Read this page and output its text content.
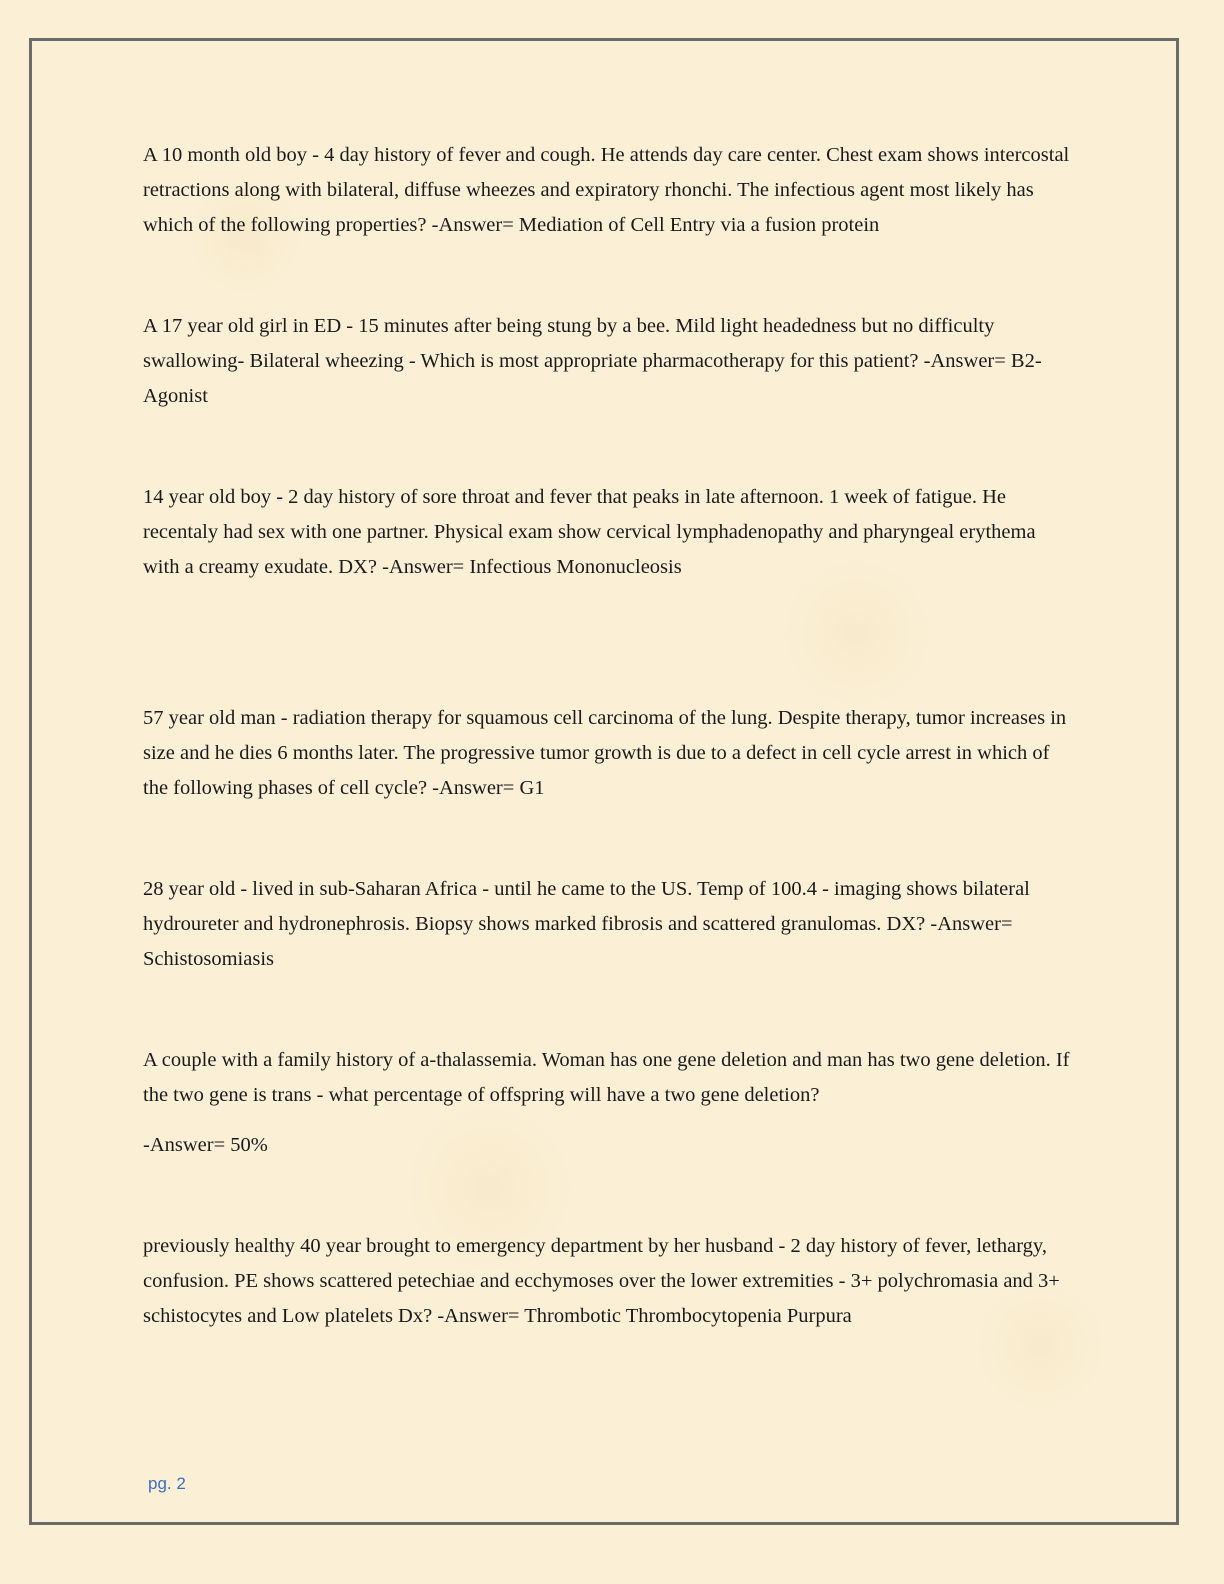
A 10 month old boy - 4 day history of fever and cough. He attends day care center. Chest exam shows intercostal retractions along with bilateral, diffuse wheezes and expiratory rhonchi. The infectious agent most likely has which of the following properties? -Answer= Mediation of Cell Entry via a fusion protein

A 17 year old girl in ED - 15 minutes after being stung by a bee. Mild light headedness but no difficulty swallowing- Bilateral wheezing - Which is most appropriate pharmacotherapy for this patient? -Answer= B2- Agonist

14 year old boy - 2 day history of sore throat and fever that peaks in late afternoon. 1 week of fatigue. He recentaly had sex with one partner. Physical exam show cervical lymphadenopathy and pharyngeal erythema with a creamy exudate. DX? -Answer= Infectious Mononucleosis

57 year old man - radiation therapy for squamous cell carcinoma of the lung. Despite therapy, tumor increases in size and he dies 6 months later. The progressive tumor growth is due to a defect in cell cycle arrest in which of the following phases of cell cycle? -Answer= G1

28 year old - lived in sub-Saharan Africa - until he came to the US. Temp of 100.4 - imaging shows bilateral hydroureter and hydronephrosis. Biopsy shows marked fibrosis and scattered granulomas. DX? -Answer= Schistosomiasis

A couple with a family history of a-thalassemia. Woman has one gene deletion and man has two gene deletion. If the two gene is trans - what percentage of offspring will have a two gene deletion?

-Answer= 50%

previously healthy 40 year brought to emergency department by her husband - 2 day history of fever, lethargy, confusion. PE shows scattered petechiae and ecchymoses over the lower extremities - 3+ polychromasia and 3+ schistocytes and Low platelets Dx? -Answer= Thrombotic Thrombocytopenia Purpura

pg. 2
